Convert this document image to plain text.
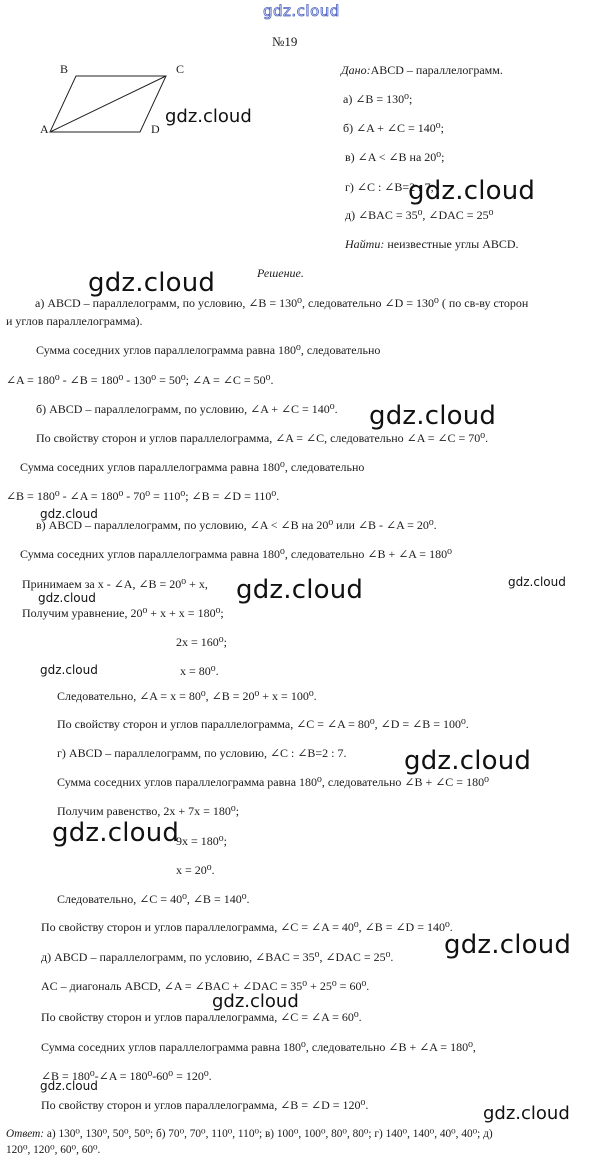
gdz.cloud
№19
B	C
A	D
Дано:ABCD – параллелограмм.
а) ∠B = 130⁰;
б) ∠A + ∠C = 140⁰;
в) ∠A < ∠B на 20⁰;
г) ∠C : ∠B=2 : 7;
д) ∠BAC = 35⁰, ∠DAC = 25⁰
Найти: неизвестные углы ABCD.
Решение.
а) ABCD – параллелограмм, по условию, ∠B = 130⁰, следовательно ∠D = 130⁰ ( по св-ву сторон
и углов параллелограмма).
Сумма соседних углов параллелограмма равна 180⁰, следовательно
∠A = 180⁰ - ∠B = 180⁰ - 130⁰ = 50⁰; ∠A = ∠C = 50⁰.
б) ABCD – параллелограмм, по условию, ∠A + ∠C = 140⁰.
По свойству сторон и углов параллелограмма, ∠A = ∠C, следовательно ∠A = ∠C = 70⁰.
Сумма соседних углов параллелограмма равна 180⁰, следовательно
∠B = 180⁰ - ∠A = 180⁰ - 70⁰ = 110⁰; ∠B = ∠D = 110⁰.
в) ABCD – параллелограмм, по условию, ∠A < ∠B на 20⁰ или ∠B - ∠A = 20⁰.
Сумма соседних углов параллелограмма равна 180⁰, следовательно ∠B + ∠A = 180⁰
Принимаем за x - ∠A, ∠B = 20⁰ + x,
Получим уравнение, 20⁰ + x + x = 180⁰;
2x = 160⁰;
x = 80⁰.
Следовательно, ∠A = x = 80⁰, ∠B = 20⁰ + x = 100⁰.
По свойству сторон и углов параллелограмма, ∠C = ∠A = 80⁰, ∠D = ∠B = 100⁰.
г) ABCD – параллелограмм, по условию, ∠C : ∠B=2 : 7.
Сумма соседних углов параллелограмма равна 180⁰, следовательно ∠B + ∠C = 180⁰
Получим равенство, 2x + 7x = 180⁰;
9x = 180⁰;
x = 20⁰.
Следовательно, ∠C = 40⁰, ∠B = 140⁰.
По свойству сторон и углов параллелограмма, ∠C = ∠A = 40⁰, ∠B = ∠D = 140⁰.
д) ABCD – параллелограмм, по условию, ∠BAC = 35⁰, ∠DAC = 25⁰.
AC – диагональ ABCD, ∠A = ∠BAC + ∠DAC = 35⁰ + 25⁰ = 60⁰.
По свойству сторон и углов параллелограмма, ∠C = ∠A = 60⁰.
Сумма соседних углов параллелограмма равна 180⁰, следовательно ∠B + ∠A = 180⁰,
∠B = 180⁰-∠A = 180⁰-60⁰ = 120⁰.
По свойству сторон и углов параллелограмма, ∠B = ∠D = 120⁰.
Ответ: а) 130⁰, 130⁰, 50⁰, 50⁰; б) 70⁰, 70⁰, 110⁰, 110⁰; в) 100⁰, 100⁰, 80⁰, 80⁰; г) 140⁰, 140⁰, 40⁰, 40⁰; д)
120⁰, 120⁰, 60⁰, 60⁰.
gdz.cloud
gdz.cloud
gdz.cloud
gdz.cloud
gdz.cloud
gdz.cloud	gdz.cloud
gdz.cloud
gdz.cloud
gdz.cloud
gdz.cloud
gdz.cloud
gdz.cloud
gdz.cloud
gdz.cloud
